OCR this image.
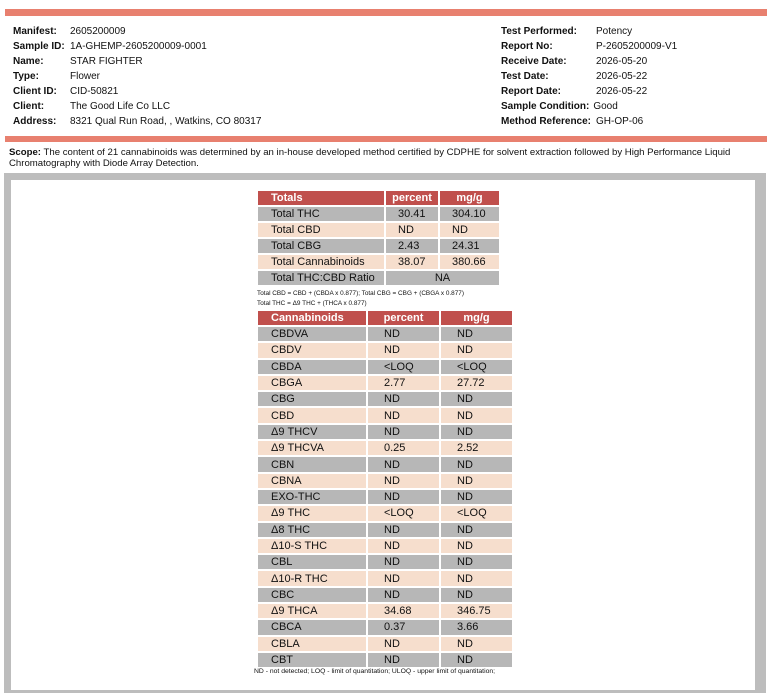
Manifest:	2605200009
Sample ID: 1A-GHEMP-2605200009-0001
Name:	STAR FIGHTER
Type:	Flower
Client ID:	CID-50821
Client:	The Good Life Co LLC
Address:	8321 Qual Run Road, , Watkins, CO 80317
Test Performed:	Potency
Report No:	P-2605200009-V1
Receive Date:	2026-05-20
Test Date:	2026-05-22
Report Date:	2026-05-22
Sample Condition: Good
Method Reference: GH-OP-06
Scope: The content of 21 cannabinoids was determined by an in-house developed method certified by CDPHE for solvent extraction followed by High Performance Liquid Chromatography with Diode Array Detection.
Totals	percent	mg/g
Total THC	30.41	304.10
Total CBD	ND	ND
Total CBG	2.43	24.31
Total Cannabinoids	38.07	380.66
Total THC:CBD Ratio	NA	
Total CBD = CBD + (CBDA x 0.877); Total CBG = CBG + (CBGA x 0.877)
Total THC = Δ9 THC + (THCA x 0.877)
Cannabinoids	percent	mg/g
CBDVA	ND	ND
CBDV	ND	ND
CBDA	<LOQ	<LOQ
CBGA	2.77	27.72
CBG	ND	ND
CBD	ND	ND
Δ9 THCV	ND	ND
Δ9 THCVA	0.25	2.52
CBN	ND	ND
CBNA	ND	ND
EXO-THC	ND	ND
Δ9 THC	<LOQ	<LOQ
Δ8 THC	ND	ND
Δ10-S THC	ND	ND
CBL	ND	ND
Δ10-R THC	ND	ND
CBC	ND	ND
Δ9 THCA	34.68	346.75
CBCA	0.37	3.66
CBLA	ND	ND
CBT	ND	ND
ND - not detected; LOQ - limit of quantitation; ULOQ - upper limit of quantitation;
